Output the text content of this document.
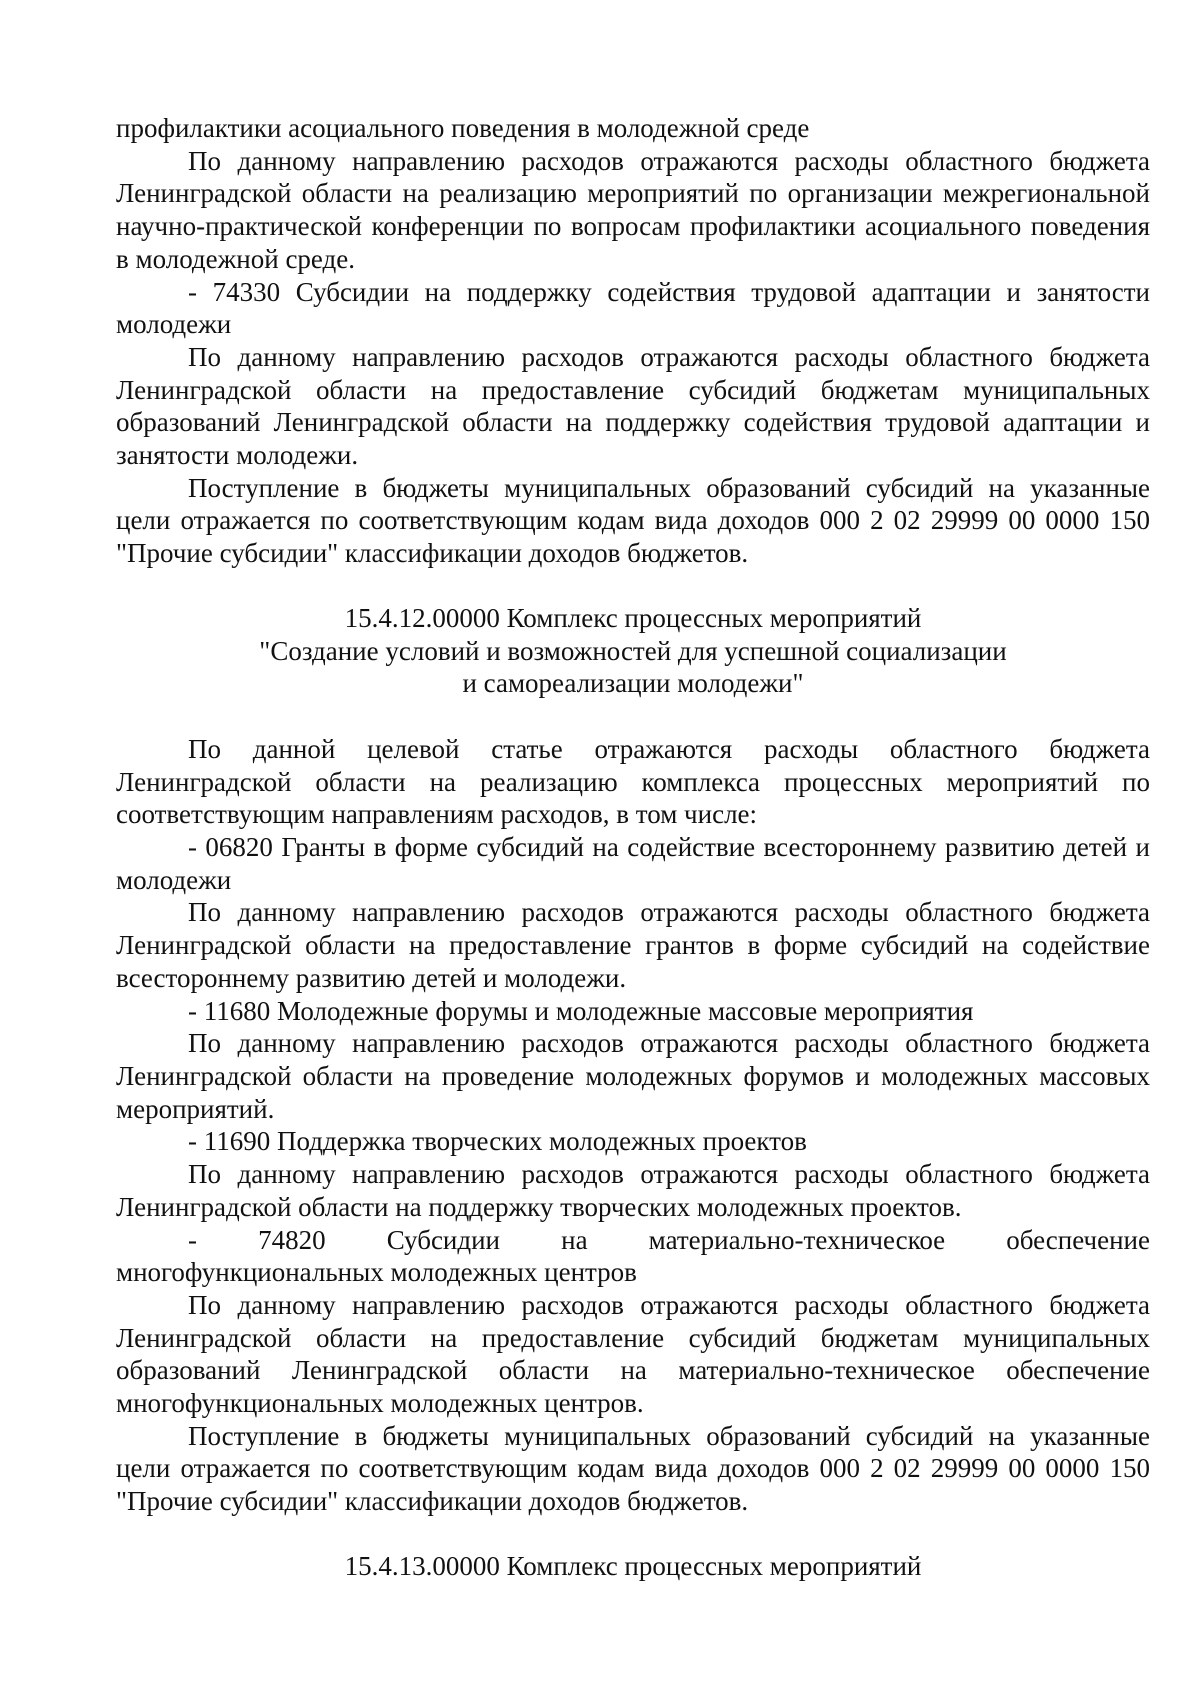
профилактики асоциального поведения в молодежной среде

По данному направлению расходов отражаются расходы областного бюджета Ленинградской области на реализацию мероприятий по организации межрегиональной научно-практической конференции по вопросам профилактики асоциального поведения в молодежной среде.

- 74330 Субсидии на поддержку содействия трудовой адаптации и занятости молодежи

По данному направлению расходов отражаются расходы областного бюджета Ленинградской области на предоставление субсидий бюджетам муниципальных образований Ленинградской области на поддержку содействия трудовой адаптации и занятости молодежи.

Поступление в бюджеты муниципальных образований субсидий на указанные цели отражается по соответствующим кодам вида доходов 000 2 02 29999 00 0000 150 "Прочие субсидии" классификации доходов бюджетов.

15.4.12.00000 Комплекс процессных мероприятий

"Создание условий и возможностей для успешной социализации

и самореализации молодежи"

По данной целевой статье отражаются расходы областного бюджета Ленинградской области на реализацию комплекса процессных мероприятий по соответствующим направлениям расходов, в том числе:

- 06820 Гранты в форме субсидий на содействие всестороннему развитию детей и молодежи

По данному направлению расходов отражаются расходы областного бюджета Ленинградской области на предоставление грантов в форме субсидий на содействие всестороннему развитию детей и молодежи.

- 11680 Молодежные форумы и молодежные массовые мероприятия

По данному направлению расходов отражаются расходы областного бюджета Ленинградской области на проведение молодежных форумов и молодежных массовых мероприятий.

- 11690 Поддержка творческих молодежных проектов

По данному направлению расходов отражаются расходы областного бюджета Ленинградской области на поддержку творческих молодежных проектов.

- 74820 Субсидии на материально-техническое обеспечение многофункциональных молодежных центров

По данному направлению расходов отражаются расходы областного бюджета Ленинградской области на предоставление субсидий бюджетам муниципальных образований Ленинградской области на материально-техническое обеспечение многофункциональных молодежных центров.

Поступление в бюджеты муниципальных образований субсидий на указанные цели отражается по соответствующим кодам вида доходов 000 2 02 29999 00 0000 150 "Прочие субсидии" классификации доходов бюджетов.

15.4.13.00000 Комплекс процессных мероприятий
